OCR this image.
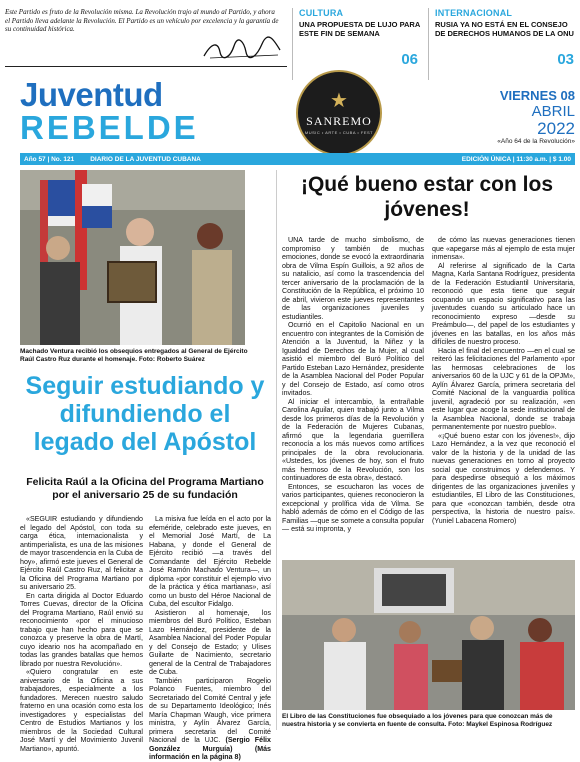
Este Partido es fruto de la Revolución misma. La Revolución trajo al mundo al Partido, y ahora el Partido lleva adelante la Revolución. El Partido es un vehículo por excelencia y la garantía de su continuidad histórica.

CULTURA
UNA PROPUESTA DE LUJO PARA ESTE FIN DE SEMANA
06
INTERNACIONAL
RUSIA YA NO ESTÁ EN EL CONSEJO DE DERECHOS HUMANOS DE LA ONU
03
Juventud
REBELDE
★
SANREMO
MUSIC • ARTE • CUBA • FEST
VIERNES 08
ABRIL
2022
«Año 64 de la Revolución»
Año 57 | No. 121 DIARIO DE LA JUVENTUD CUBANA	EDICIÓN ÚNICA | 11:30 a.m. | $ 1.00
Machado Ventura recibió los obsequios entregados al General de Ejército Raúl Castro Ruz durante el homenaje. Foto: Roberto Suárez
Seguir estudiando y difundiendo el legado del Apóstol
Felicita Raúl a la Oficina del Programa Martiano por el aniversario 25 de su fundación

«SEGUIR estudiando y difundiendo el legado del Apóstol, con toda su carga ética, internacionalista y antimperialista, es una de las misiones de mayor trascendencia en la Cuba de hoy», afirmó este jueves el General de Ejército Raúl Castro Ruz, al felicitar a la Oficina del Programa Martiano por su aniversario 25.

En carta dirigida al Doctor Eduardo Torres Cuevas, director de la Oficina del Programa Martiano, Raúl envió su reconocimiento «por el minucioso trabajo que han hecho para que se conozca y preserve la obra de Martí, cuyo ideario nos ha acompañado en todas las grandes batallas que hemos librado por nuestra Revolución».

«Quiero congratular en este aniversario de la Oficina a sus trabajadores, especialmente a los fundadores. Merecen nuestro saludo fraterno en una ocasión como esta los investigadores y especialistas del Centro de Estudios Martianos y los miembros de la Sociedad Cultural José Martí y del Movimiento Juvenil Martiano», apuntó.

La misiva fue leída en el acto por la efeméride, celebrado este jueves, en el Memorial José Martí, de La Habana, y donde el General de Ejército recibió —a través del Comandante del Ejército Rebelde José Ramón Machado Ventura—, un diploma «por constituir el ejemplo vivo de la práctica y ética martianas», así como un busto del Héroe Nacional de Cuba, del escultor Fidalgo.

Asistieron al homenaje, los miembros del Buró Político, Esteban Lazo Hernández, presidente de la Asamblea Nacional del Poder Popular y del Consejo de Estado; y Ulises Guilarte de Nacimiento, secretario general de la Central de Trabajadores de Cuba.

También participaron Rogelio Polanco Fuentes, miembro del Secretariado del Comité Central y jefe de su Departamento Ideológico; Inés María Chapman Waugh, vice primera ministra, y Aylín Álvarez García, primera secretaria del Comité Nacional de la UJC. (Sergio Félix González Murguía) (Más información en la página 8)

¡Qué bueno estar con los jóvenes!

UNA tarde de mucho simbolismo, de compromiso y también de muchas emociones, donde se evocó la extraordinaria obra de Vilma Espín Guillois, a 92 años de su natalicio, así como la trascendencia del tercer aniversario de la proclamación de la Constitución de la República, el próximo 10 de abril, vivieron este jueves representantes de las organizaciones juveniles y estudiantiles.

Ocurrió en el Capitolio Nacional en un encuentro con integrantes de la Comisión de Atención a la Juventud, la Niñez y la Igualdad de Derechos de la Mujer, al cual asistió el miembro del Buró Político del Partido Esteban Lazo Hernández, presidente de la Asamblea Nacional del Poder Popular y del Consejo de Estado, así como otros invitados.

Al iniciar el intercambio, la entrañable Carolina Aguilar, quien trabajó junto a Vilma desde los primeros días de la Revolución y de la Federación de Mujeres Cubanas, afirmó que la legendaria guerrillera reconocía a los más nuevos como artífices principales de la obra revolucionaria. «Ustedes, los jóvenes de hoy, son el fruto más hermoso de la Revolución, son los continuadores de esta obra», destacó.

Entonces, se escucharon las voces de varios participantes, quienes reconocieron la excepcional y prolífica vida de Vilma. Se habló además de cómo en el Código de las Familias —que se somete a consulta popular— está su impronta, y

de cómo las nuevas generaciones tienen que «apegarse más al ejemplo de esta mujer inmensa».

Al referirse al significado de la Carta Magna, Karla Santana Rodríguez, presidenta de la Federación Estudiantil Universitaria, reconoció que esta tiene que seguir ocupando un espacio significativo para las juventudes cuando su articulado hace un reconocimiento expreso —desde su Preámbulo—, del papel de los estudiantes y jóvenes en las batallas, en los años más difíciles de nuestro proceso.

Hacia el final del encuentro —en el cual se reiteró las felicitaciones del Parlamento «por las hermosas celebraciones de los aniversarios 60 de la UJC y 61 de la OPJM», Aylín Álvarez García, primera secretaria del Comité Nacional de la vanguardia política juvenil, agradeció por su realización, «en este lugar que acoge la sede institucional de la Asamblea Nacional, donde se trabaja permanentemente por nuestro pueblo».

«¡Qué bueno estar con los jóvenes!», dijo Lazo Hernández, a la vez que reconoció el valor de la historia y de la unidad de las nuevas generaciones en torno al proyecto social que construimos y defendemos. Y para despedirse obsequió a los máximos dirigentes de las organizaciones juveniles y estudiantiles, El Libro de las Constituciones, para que «conozcan también, desde otra perspectiva, la historia de nuestro país». (Yuniel Labacena Romero)

El Libro de las Constituciones fue obsequiado a los jóvenes para que conozcan más de nuestra historia y se convierta en fuente de consulta. Foto: Maykel Espinosa Rodríguez
